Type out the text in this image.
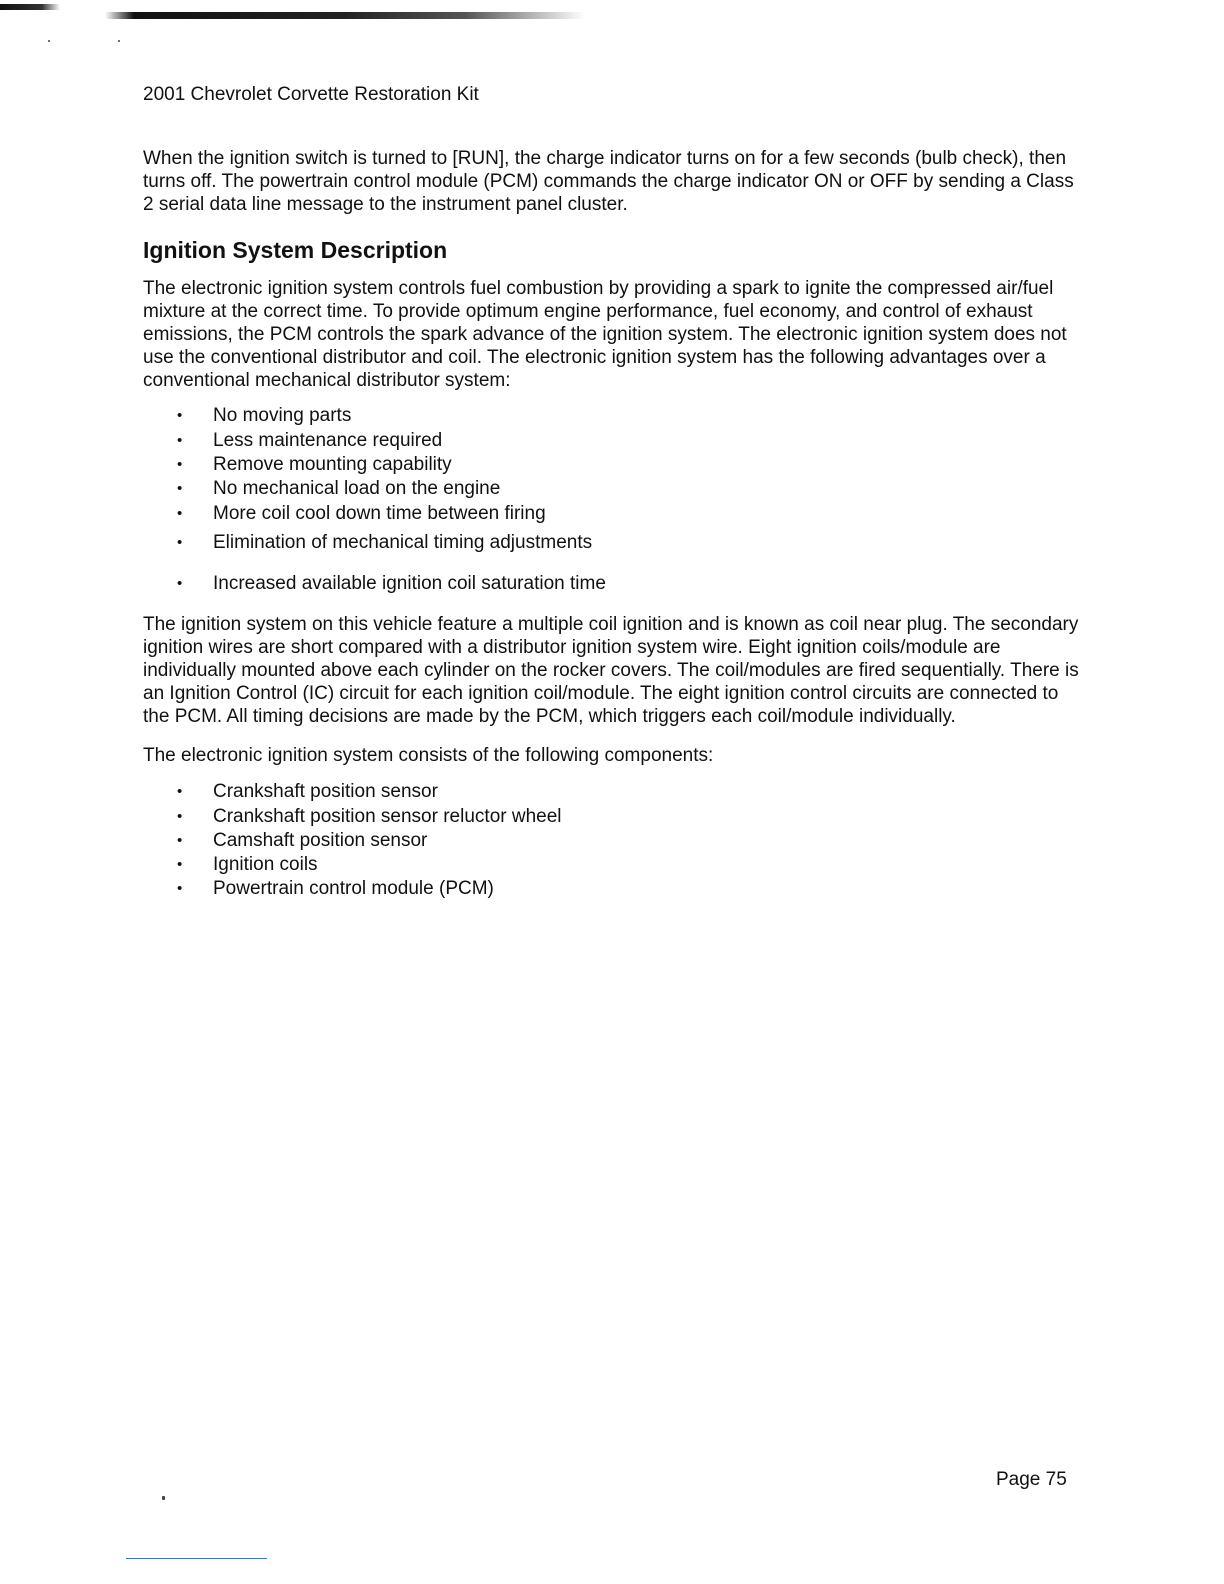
2001 Chevrolet Corvette Restoration Kit

When the ignition switch is turned to [RUN], the charge indicator turns on for a few seconds (bulb check), then turns off. The powertrain control module (PCM) commands the charge indicator ON or OFF by sending a Class 2 serial data line message to the instrument panel cluster.

Ignition System Description

The electronic ignition system controls fuel combustion by providing a spark to ignite the compressed air/fuel mixture at the correct time. To provide optimum engine performance, fuel economy, and control of exhaust emissions, the PCM controls the spark advance of the ignition system. The electronic ignition system does not use the conventional distributor and coil. The electronic ignition system has the following advantages over a conventional mechanical distributor system:

• No moving parts
• Less maintenance required
• Remove mounting capability
• No mechanical load on the engine
• More coil cool down time between firing
• Elimination of mechanical timing adjustments
• Increased available ignition coil saturation time

The ignition system on this vehicle feature a multiple coil ignition and is known as coil near plug. The secondary ignition wires are short compared with a distributor ignition system wire. Eight ignition coils/module are individually mounted above each cylinder on the rocker covers. The coil/modules are fired sequentially. There is an Ignition Control (IC) circuit for each ignition coil/module. The eight ignition control circuits are connected to the PCM. All timing decisions are made by the PCM, which triggers each coil/module individually.

The electronic ignition system consists of the following components:

• Crankshaft position sensor
• Crankshaft position sensor reluctor wheel
• Camshaft position sensor
• Ignition coils
• Powertrain control module (PCM)
Page 75
